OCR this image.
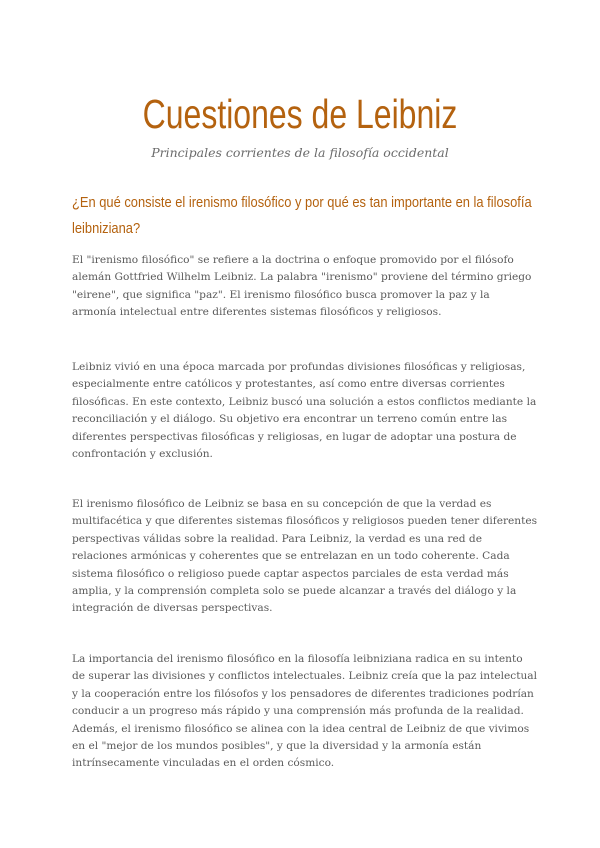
Cuestiones de Leibniz

Principales corrientes de la filosofía occidental

¿En qué consiste el irenismo filosófico y por qué es tan importante en la filosofía
leibniziana?

El "irenismo filosófico" se refiere a la doctrina o enfoque promovido por el filósofo
alemán Gottfried Wilhelm Leibniz. La palabra "irenismo" proviene del término griego
"eirene", que significa "paz". El irenismo filosófico busca promover la paz y la
armonía intelectual entre diferentes sistemas filosóficos y religiosos.

Leibniz vivió en una época marcada por profundas divisiones filosóficas y religiosas,
especialmente entre católicos y protestantes, así como entre diversas corrientes
filosóficas. En este contexto, Leibniz buscó una solución a estos conflictos mediante la
reconciliación y el diálogo. Su objetivo era encontrar un terreno común entre las
diferentes perspectivas filosóficas y religiosas, en lugar de adoptar una postura de
confrontación y exclusión.

El irenismo filosófico de Leibniz se basa en su concepción de que la verdad es
multifacética y que diferentes sistemas filosóficos y religiosos pueden tener diferentes
perspectivas válidas sobre la realidad. Para Leibniz, la verdad es una red de
relaciones armónicas y coherentes que se entrelazan en un todo coherente. Cada
sistema filosófico o religioso puede captar aspectos parciales de esta verdad más
amplia, y la comprensión completa solo se puede alcanzar a través del diálogo y la
integración de diversas perspectivas.

La importancia del irenismo filosófico en la filosofía leibniziana radica en su intento
de superar las divisiones y conflictos intelectuales. Leibniz creía que la paz intelectual
y la cooperación entre los filósofos y los pensadores de diferentes tradiciones podrían
conducir a un progreso más rápido y una comprensión más profunda de la realidad.
Además, el irenismo filosófico se alinea con la idea central de Leibniz de que vivimos
en el "mejor de los mundos posibles", y que la diversidad y la armonía están
intrínsecamente vinculadas en el orden cósmico.
